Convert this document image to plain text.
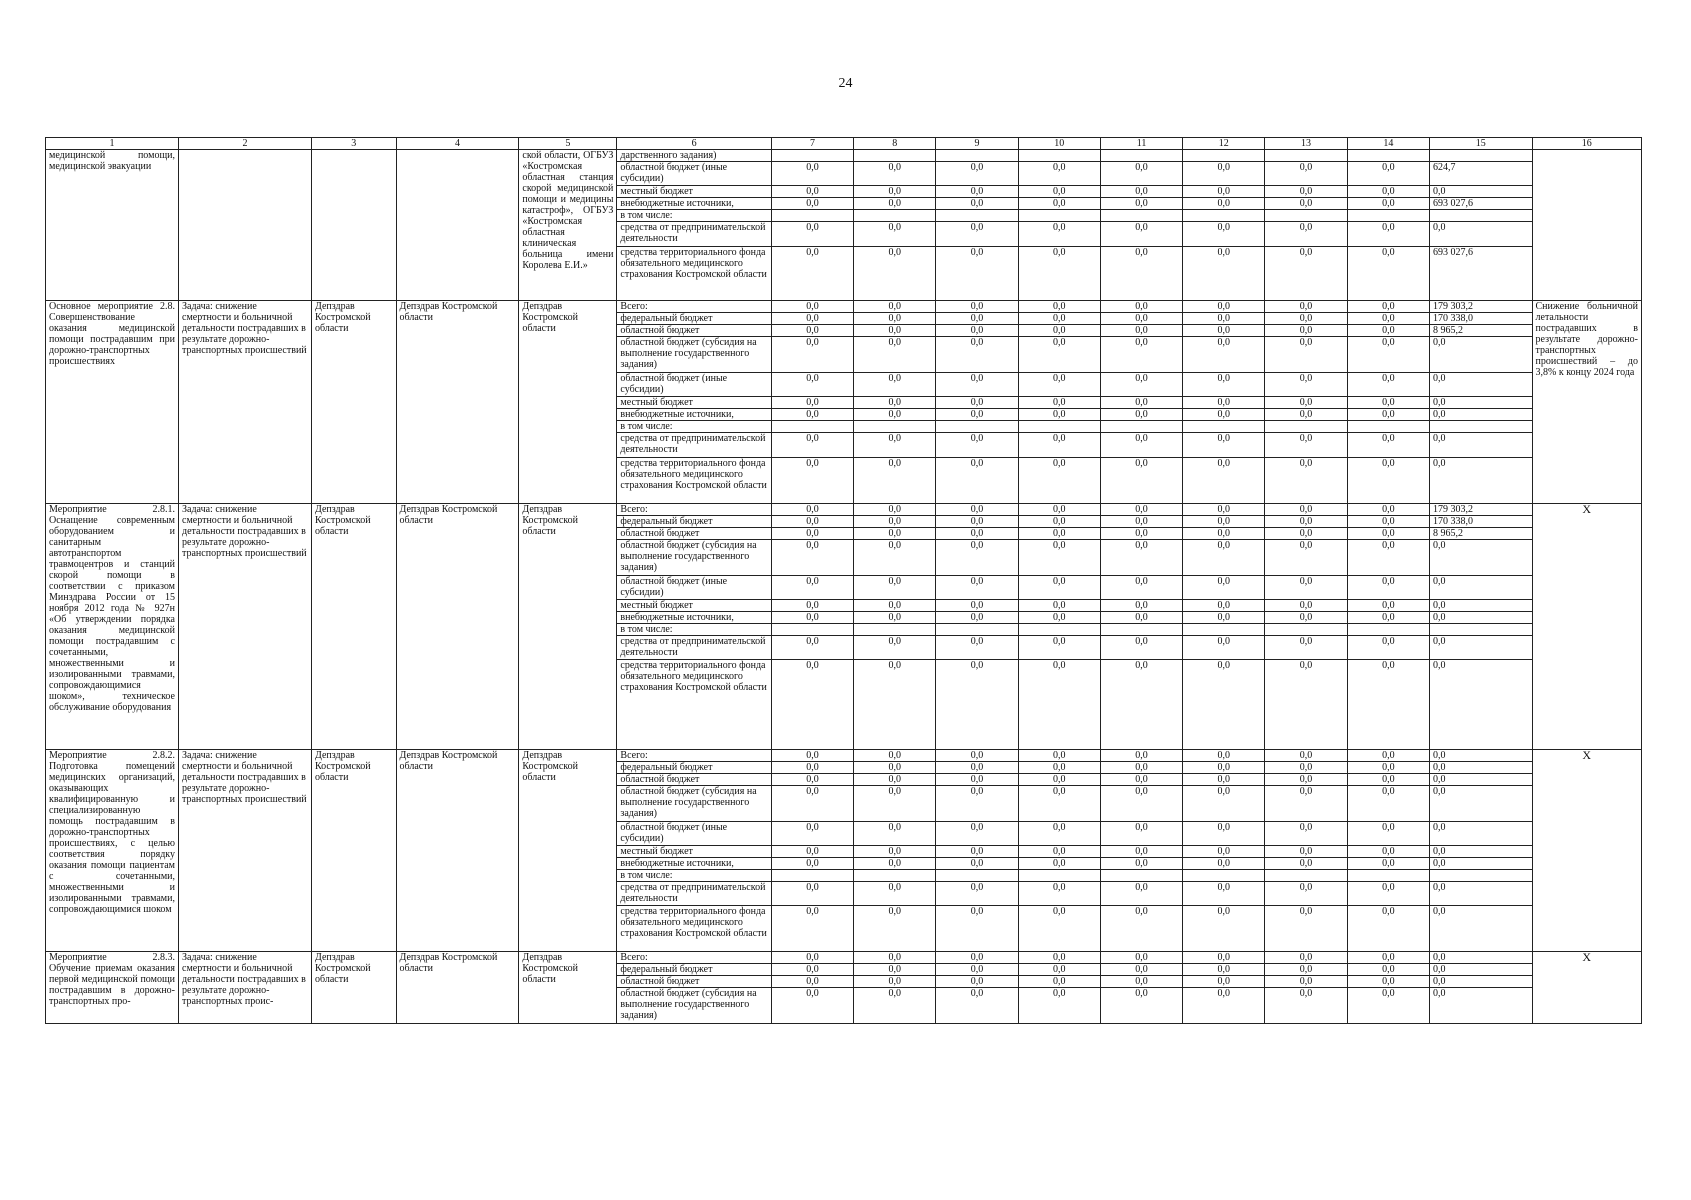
24
1	2	3	4	5	6	7	8	9	10	11	12	13	14	15	16
медицинской помощи, медицинской эвакуации				ской области, ОГБУЗ «Костромская областная станция скорой медицинской помощи и медицины катастроф», ОГБУЗ «Костромская областная клиническая больница имени Королева Е.И.»	дарственного задания)										
					областной бюджет (иные субсидии)	0,0	0,0	0,0	0,0	0,0	0,0	0,0	0,0	624,7	
					местный бюджет	0,0	0,0	0,0	0,0	0,0	0,0	0,0	0,0	0,0	
					внебюджетные источники,	0,0	0,0	0,0	0,0	0,0	0,0	0,0	0,0	693 027,6	
					в том числе:										
					средства от предпринимательской деятельности	0,0	0,0	0,0	0,0	0,0	0,0	0,0	0,0	0,0	
					средства территориального фонда обязательного медицинского страхования Костромской области	0,0	0,0	0,0	0,0	0,0	0,0	0,0	0,0	693 027,6	
Основное мероприятие 2.8. Совершенствование оказания медицинской помощи пострадавшим при дорожно-транспортных происшествиях	Задача: снижение смертности и больничной детальности пострадавших в результате дорожно-транспортных происшествий	Депздрав Костромской области	Депздрав Костромской области	Депздрав Костромской области	Всего:	0,0	0,0	0,0	0,0	0,0	0,0	0,0	0,0	179 303,2	Снижение больничной летальности пострадавших в результате дорожно-транспортных происшествий – до 3,8% к концу 2024 года
					федеральный бюджет	0,0	0,0	0,0	0,0	0,0	0,0	0,0	0,0	170 338,0	
					областной бюджет	0,0	0,0	0,0	0,0	0,0	0,0	0,0	0,0	8 965,2	
					областной бюджет (субсидия на выполнение государственного задания)	0,0	0,0	0,0	0,0	0,0	0,0	0,0	0,0	0,0	
					областной бюджет (иные субсидии)	0,0	0,0	0,0	0,0	0,0	0,0	0,0	0,0	0,0	
					местный бюджет	0,0	0,0	0,0	0,0	0,0	0,0	0,0	0,0	0,0	
					внебюджетные источники,	0,0	0,0	0,0	0,0	0,0	0,0	0,0	0,0	0,0	
					в том числе:										
					средства от предпринимательской деятельности	0,0	0,0	0,0	0,0	0,0	0,0	0,0	0,0	0,0	
					средства территориального фонда обязательного медицинского страхования Костромской области	0,0	0,0	0,0	0,0	0,0	0,0	0,0	0,0	0,0	
Мероприятие 2.8.1. Оснащение современным оборудованием и санитарным автотранспортом травмоцентров и станций скорой помощи в соответствии с приказом Минздрава России от 15 ноября 2012 года № 927н «Об утверждении порядка оказания медицинской помощи пострадавшим с сочетанными, множественными и изолированными травмами, сопровождающимися шоком», техническое обслуживание оборудования	Задача: снижение смертности и больничной детальности пострадавших в результате дорожно-транспортных происшествий	Депздрав Костромской области	Депздрав Костромской области	Депздрав Костромской области	Всего:	0,0	0,0	0,0	0,0	0,0	0,0	0,0	0,0	179 303,2	Х
					федеральный бюджет	0,0	0,0	0,0	0,0	0,0	0,0	0,0	0,0	170 338,0	
					областной бюджет	0,0	0,0	0,0	0,0	0,0	0,0	0,0	0,0	8 965,2	
					областной бюджет (субсидия на выполнение государственного задания)	0,0	0,0	0,0	0,0	0,0	0,0	0,0	0,0	0,0	
					областной бюджет (иные субсидии)	0,0	0,0	0,0	0,0	0,0	0,0	0,0	0,0	0,0	
					местный бюджет	0,0	0,0	0,0	0,0	0,0	0,0	0,0	0,0	0,0	
					внебюджетные источники,	0,0	0,0	0,0	0,0	0,0	0,0	0,0	0,0	0,0	
					в том числе:										
					средства от предпринимательской деятельности	0,0	0,0	0,0	0,0	0,0	0,0	0,0	0,0	0,0	
					средства территориального фонда обязательного медицинского страхования Костромской области	0,0	0,0	0,0	0,0	0,0	0,0	0,0	0,0	0,0	
Мероприятие 2.8.2. Подготовка помещений медицинских организаций, оказывающих квалифицированную и специализированную помощь пострадавшим в дорожно-транспортных происшествиях, с целью соответствия порядку оказания помощи пациентам с сочетанными, множественными и изолированными травмами, сопровождающимися шоком	Задача: снижение смертности и больничной детальности пострадавших в результате дорожно-транспортных происшествий	Депздрав Костромской области	Депздрав Костромской области	Депздрав Костромской области	Всего:	0,0	0,0	0,0	0,0	0,0	0,0	0,0	0,0	0,0	Х
					федеральный бюджет	0,0	0,0	0,0	0,0	0,0	0,0	0,0	0,0	0,0	
					областной бюджет	0,0	0,0	0,0	0,0	0,0	0,0	0,0	0,0	0,0	
					областной бюджет (субсидия на выполнение государственного задания)	0,0	0,0	0,0	0,0	0,0	0,0	0,0	0,0	0,0	
					областной бюджет (иные субсидии)	0,0	0,0	0,0	0,0	0,0	0,0	0,0	0,0	0,0	
					местный бюджет	0,0	0,0	0,0	0,0	0,0	0,0	0,0	0,0	0,0	
					внебюджетные источники,	0,0	0,0	0,0	0,0	0,0	0,0	0,0	0,0	0,0	
					в том числе:										
					средства от предпринимательской деятельности	0,0	0,0	0,0	0,0	0,0	0,0	0,0	0,0	0,0	
					средства территориального фонда обязательного медицинского страхования Костромской области	0,0	0,0	0,0	0,0	0,0	0,0	0,0	0,0	0,0	
Мероприятие 2.8.3. Обучение приемам оказания первой медицинской помощи пострадавшим в дорожно-транспортных про-	Задача: снижение смертности и больничной детальности пострадавших в результате дорожно-транспортных проис-	Депздрав Костромской области	Депздрав Костромской области	Депздрав Костромской области	Всего:	0,0	0,0	0,0	0,0	0,0	0,0	0,0	0,0	0,0	Х
					федеральный бюджет	0,0	0,0	0,0	0,0	0,0	0,0	0,0	0,0	0,0	
					областной бюджет	0,0	0,0	0,0	0,0	0,0	0,0	0,0	0,0	0,0	
					областной бюджет (субсидия на выполнение государственного задания)	0,0	0,0	0,0	0,0	0,0	0,0	0,0	0,0	0,0	
